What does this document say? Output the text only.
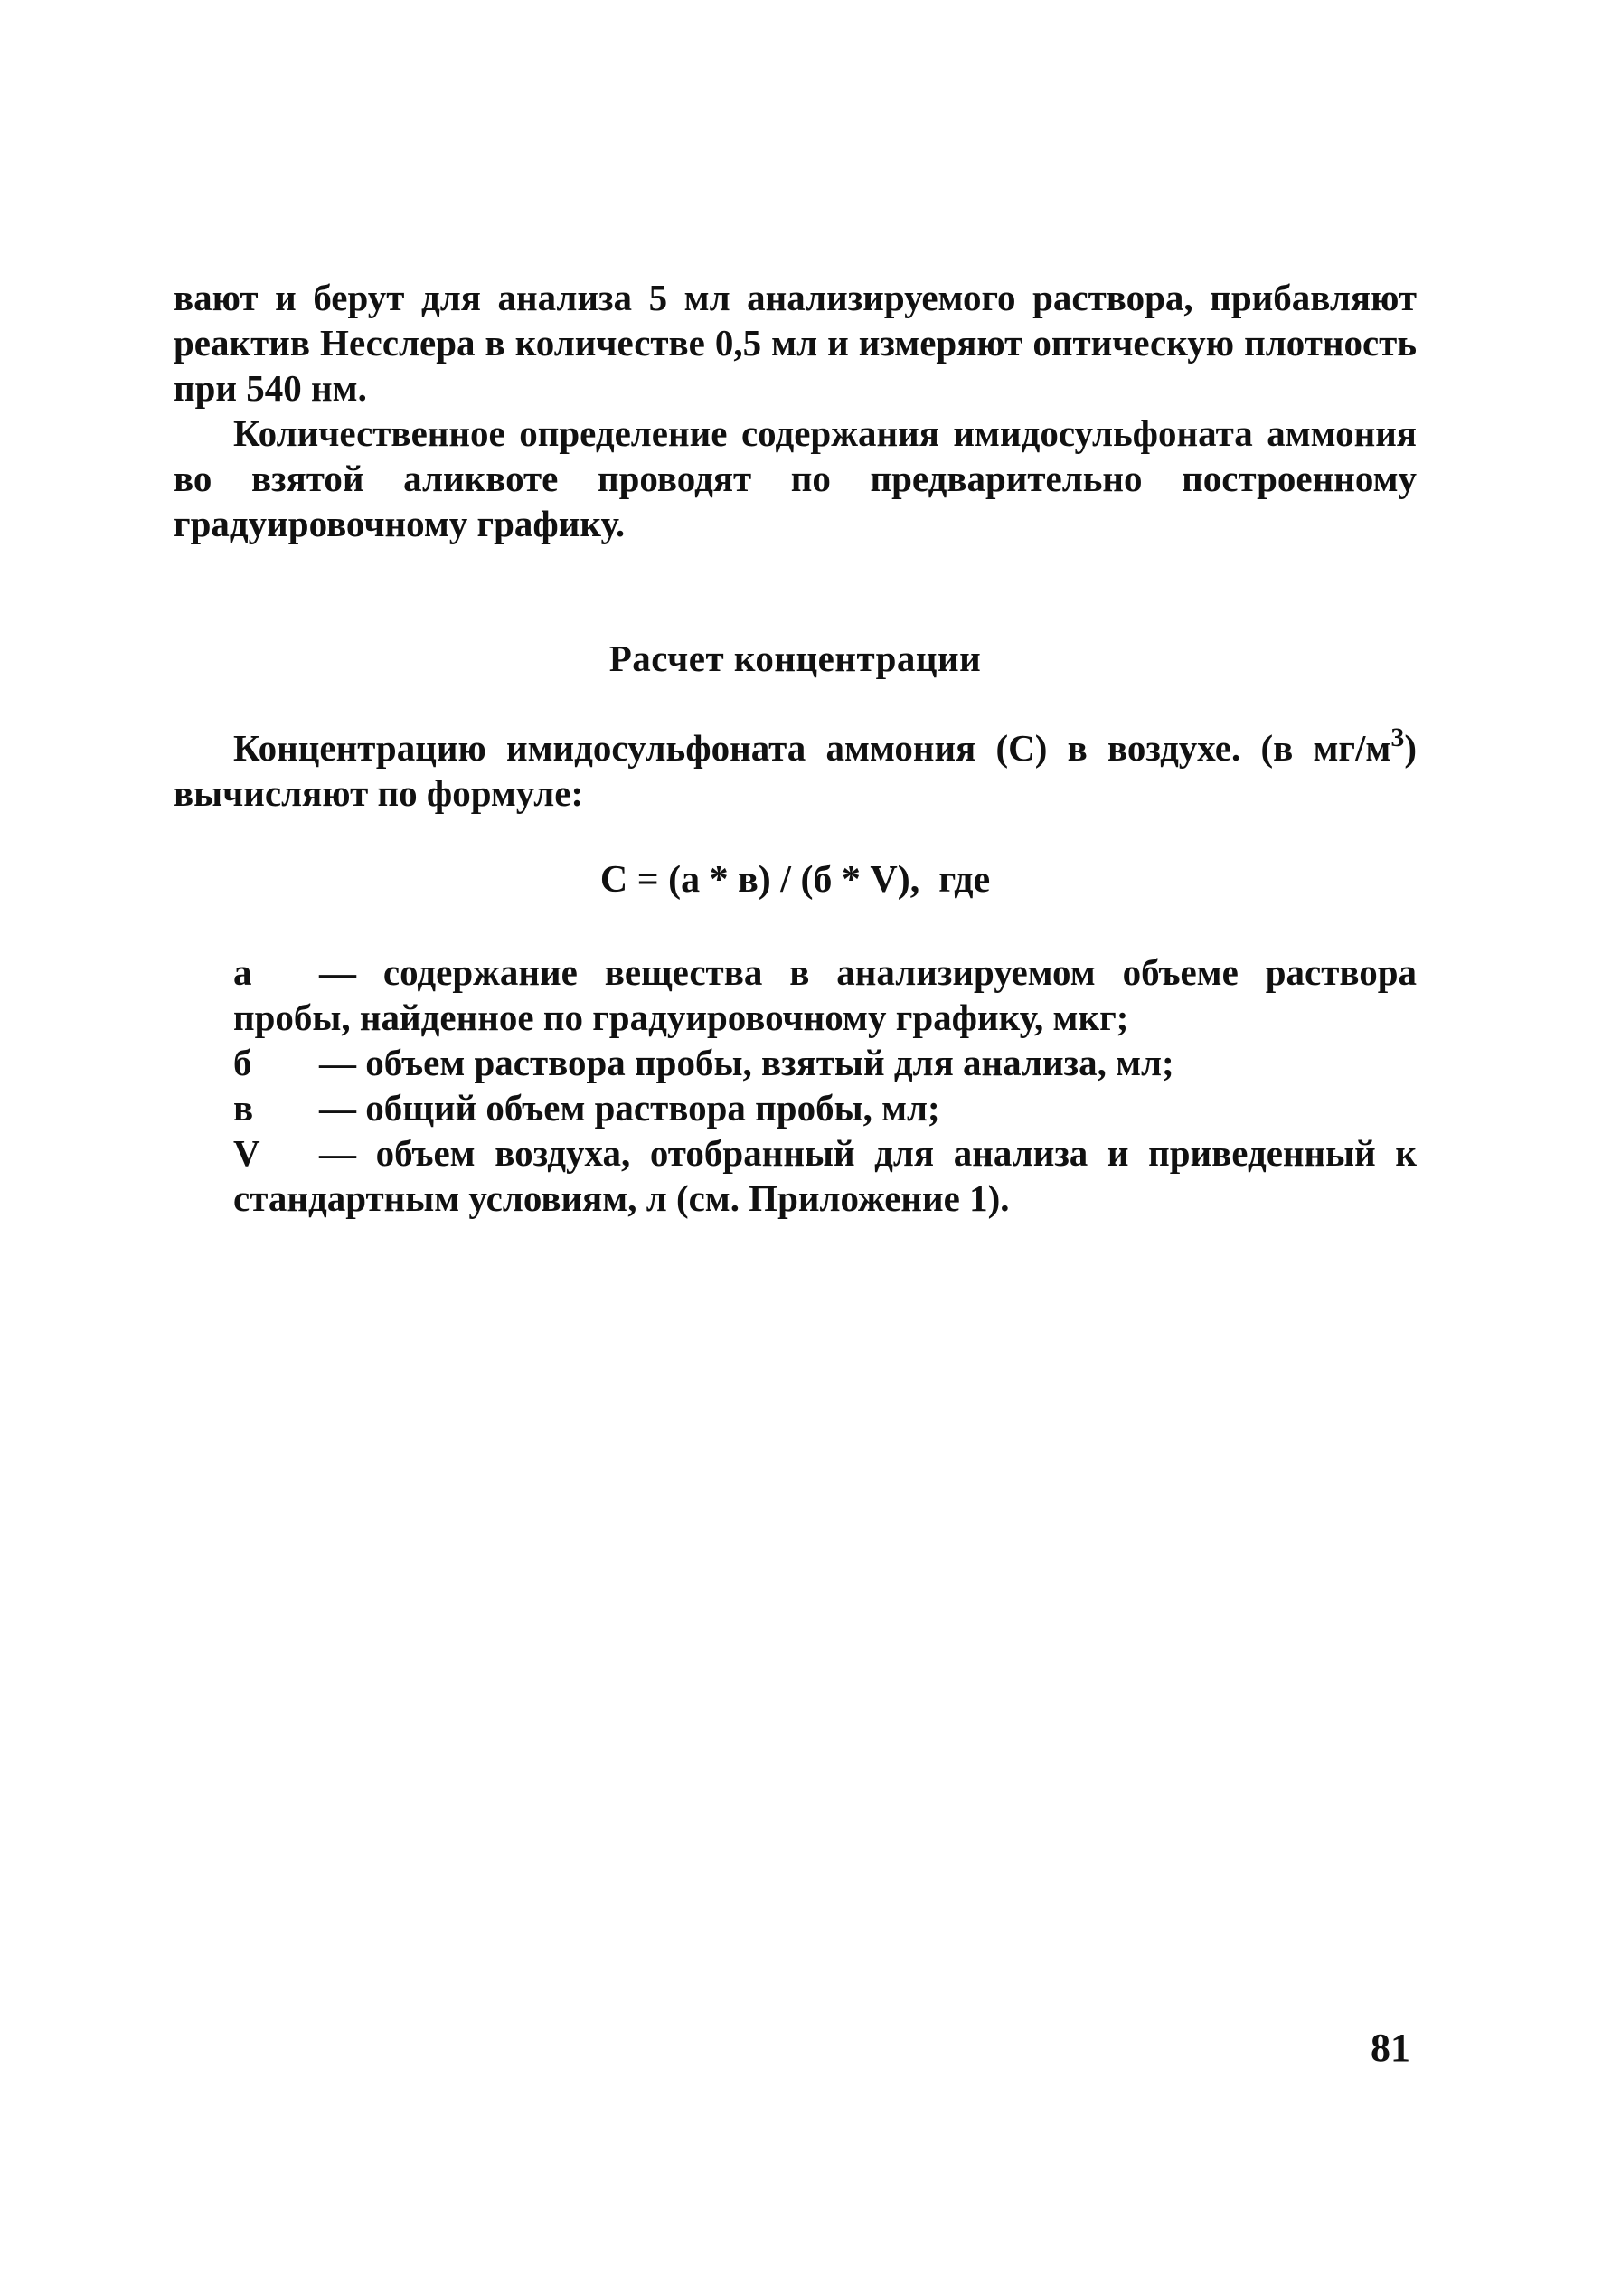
вают и берут для анализа 5 мл анализируемого раствора, прибавляют реактив Несслера в количестве 0,5 мл и измеряют оптическую плотность при 540 нм.

Количественное определение содержания имидосульфоната аммония во взятой аликвоте проводят по предварительно построенному градуировочному графику.

Расчет концентрации

Концентрацию имидосульфоната аммония (С) в воздухе. (в $мг/м^3$) вычисляют по формуле:

С = (а * в) / (б * V),  где

а — содержание вещества в анализируемом объеме раствора пробы, найденное по градуировочному графику, мкг;

б — объем раствора пробы, взятый для анализа, мл;

в — общий объем раствора пробы, мл;

V — объем воздуха, отобранный для анализа и приведенный к стандартным условиям, л (см. Приложение 1).

81
